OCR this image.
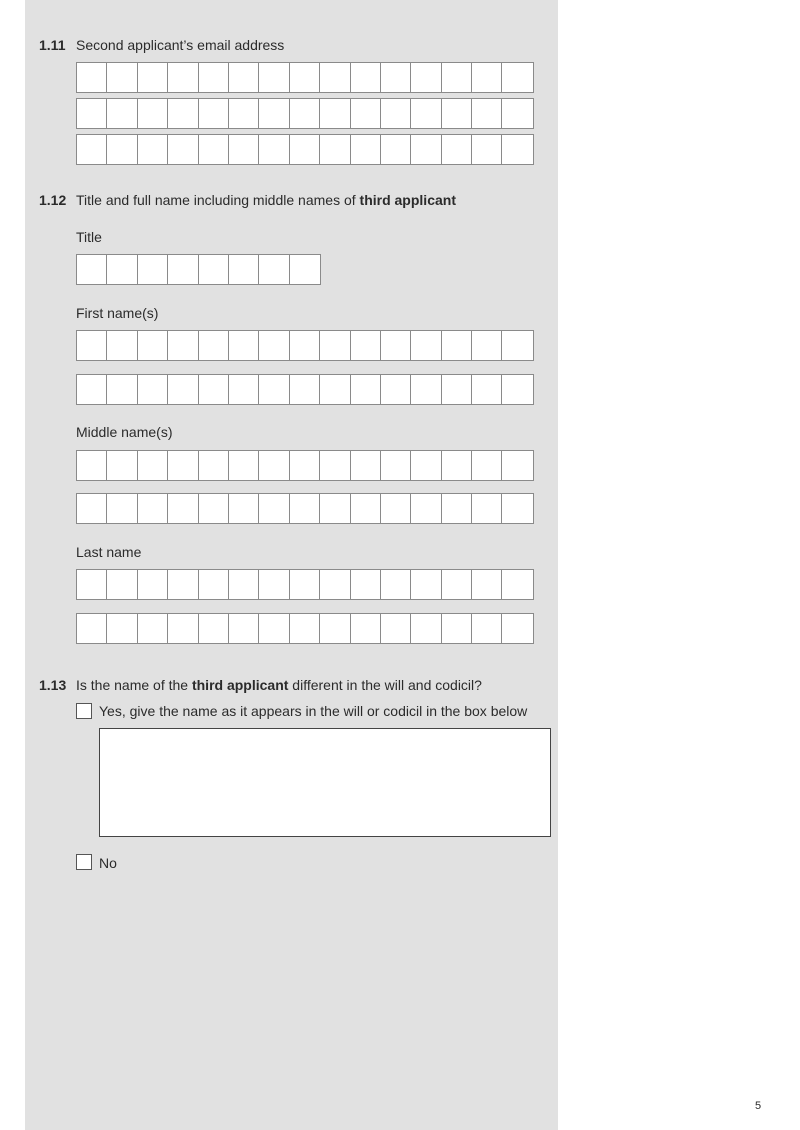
1.11 Second applicant’s email address
1.12 Title and full name including middle names of third applicant
Title
First name(s)
Middle name(s)
Last name
1.13 Is the name of the third applicant different in the will and codicil?
Yes, give the name as it appears in the will or codicil in the box below
No
5
